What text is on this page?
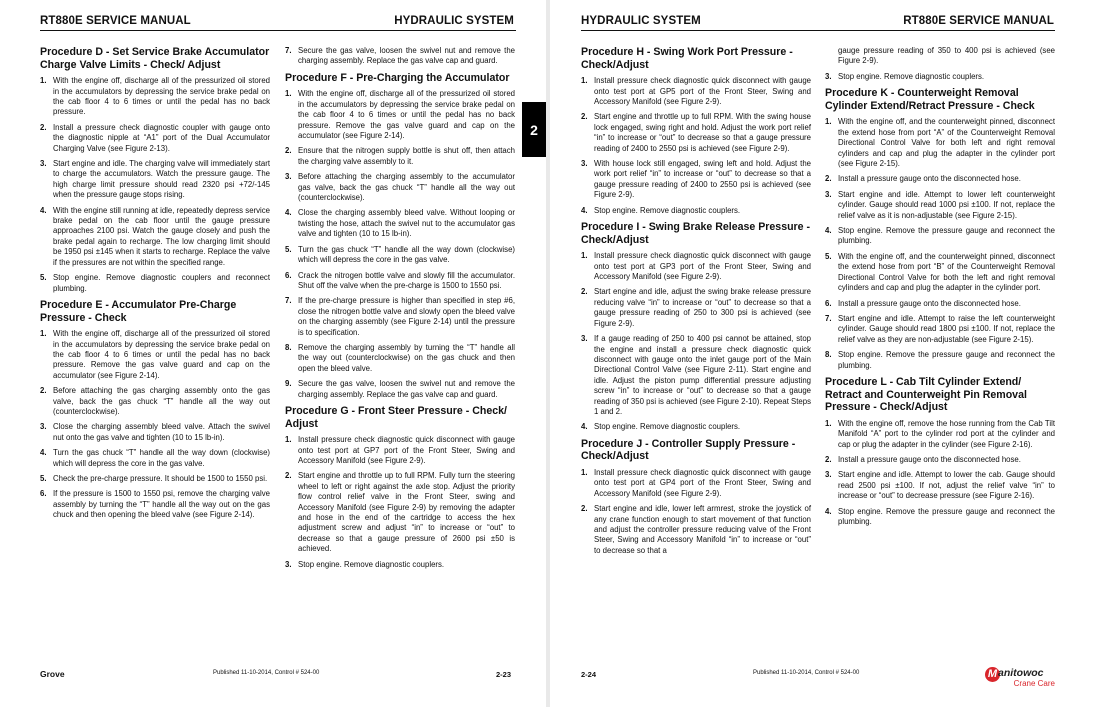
RT880E SERVICE MANUAL	HYDRAULIC SYSTEM
Procedure D - Set Service Brake Accumulator Charge Valve Limits - Check/ Adjust
1. With the engine off, discharge all of the pressurized oil stored in the accumulators by depressing the service brake pedal on the cab floor 4 to 6 times or until the pedal has no back pressure.
2. Install a pressure check diagnostic coupler with gauge onto the diagnostic nipple at “A1” port of the Dual Accumulator Charging Valve (see Figure 2-13).
3. Start engine and idle. The charging valve will immediately start to charge the accumulators. Watch the pressure gauge. The high charge limit pressure should read 2320 psi +72/-145 when the pressure gauge stops rising.
4. With the engine still running at idle, repeatedly depress service brake pedal on the cab floor until the gauge pressure approaches 2100 psi. Watch the gauge closely and push the brake pedal again to recharge. The low charging limit should be 1950 psi ±145 when it starts to recharge. Replace the valve if the pressures are not within the specified range.
5. Stop engine. Remove diagnostic couplers and reconnect plumbing.
Procedure E - Accumulator Pre-Charge Pressure - Check
1. With the engine off, discharge all of the pressurized oil stored in the accumulators by depressing the service brake pedal on the cab floor 4 to 6 times or until the pedal has no back pressure. Remove the gas valve guard and cap on the accumulator (see Figure 2-14).
2. Before attaching the gas charging assembly onto the gas valve, back the gas chuck “T” handle all the way out (counterclockwise).
3. Close the charging assembly bleed valve. Attach the swivel nut onto the gas valve and tighten (10 to 15 lb-in).
4. Turn the gas chuck “T” handle all the way down (clockwise) which will depress the core in the gas valve.
5. Check the pre-charge pressure. It should be 1500 to 1550 psi.
6. If the pressure is 1500 to 1550 psi, remove the charging valve assembly by turning the “T” handle all the way out on the gas chuck and then opening the bleed valve (see Figure 2-14).
7. Secure the gas valve, loosen the swivel nut and remove the charging assembly. Replace the gas valve cap and guard.
Procedure F - Pre-Charging the Accumulator
1. With the engine off, discharge all of the pressurized oil stored in the accumulators by depressing the service brake pedal on the cab floor 4 to 6 times or until the pedal has no back pressure. Remove the gas valve guard and cap on the accumulator (see Figure 2-14).
2. Ensure that the nitrogen supply bottle is shut off, then attach the charging valve assembly to it.
3. Before attaching the charging assembly to the accumulator gas valve, back the gas chuck “T” handle all the way out (counterclockwise).
4. Close the charging assembly bleed valve. Without looping or twisting the hose, attach the swivel nut to the accumulator gas valve and tighten (10 to 15 lb-in).
5. Turn the gas chuck “T” handle all the way down (clockwise) which will depress the core in the gas valve.
6. Crack the nitrogen bottle valve and slowly fill the accumulator. Shut off the valve when the pre-charge is 1500 to 1550 psi.
7. If the pre-charge pressure is higher than specified in step #6, close the nitrogen bottle valve and slowly open the bleed valve on the charging assembly (see Figure 2-14) until the pressure is to specification.
8. Remove the charging assembly by turning the “T” handle all the way out (counterclockwise) on the gas chuck and then open the bleed valve.
9. Secure the gas valve, loosen the swivel nut and remove the charging assembly. Replace the gas valve cap and guard.
Procedure G - Front Steer Pressure - Check/ Adjust
1. Install pressure check diagnostic quick disconnect with gauge onto test port at GP7 port of the Front Steer, Swing and Accessory Manifold (see Figure 2-9).
2. Start engine and throttle up to full RPM. Fully turn the steering wheel to left or right against the axle stop. Adjust the priority flow control relief valve in the Front Steer, swing and Accessory Manifold (see Figure 2-9) by removing the adapter and hose in the end of the cartridge to access the hex adjustment screw and adjust “in” to increase or “out” to decrease so that a gauge pressure of 2600 psi ±50 is achieved.
3. Stop engine. Remove diagnostic couplers.
2
Grove	Published 11-10-2014, Control # 524-00	2-23
HYDRAULIC SYSTEM	RT880E SERVICE MANUAL
Procedure H - Swing Work Port Pressure - Check/Adjust
1. Install pressure check diagnostic quick disconnect with gauge onto test port at GP5 port of the Front Steer, Swing and Accessory Manifold (see Figure 2-9).
2. Start engine and throttle up to full RPM. With the swing house lock engaged, swing right and hold. Adjust the work port relief “in” to increase or “out” to decrease so that a gauge pressure reading of 2400 to 2550 psi is achieved (see Figure 2-9).
3. With house lock still engaged, swing left and hold. Adjust the work port relief “in” to increase or “out” to decrease so that a gauge pressure reading of 2400 to 2550 psi is achieved (see Figure 2-9).
4. Stop engine. Remove diagnostic couplers.
Procedure I - Swing Brake Release Pressure - Check/Adjust
1. Install pressure check diagnostic quick disconnect with gauge onto test port at GP3 port of the Front Steer, Swing and Accessory Manifold (see Figure 2-9).
2. Start engine and idle, adjust the swing brake release pressure reducing valve “in” to increase or “out” to decrease so that a gauge pressure reading of 250 to 300 psi is achieved (see Figure 2-9).
3. If a gauge reading of 250 to 400 psi cannot be attained, stop the engine and install a pressure check diagnostic quick disconnect with gauge onto the inlet gauge port of the Main Directional Control Valve (see Figure 2-11). Start engine and idle. Adjust the piston pump differential pressure adjusting screw “in” to increase or “out” to decrease so that a gauge reading of 350 psi is achieved (see Figure 2-10). Repeat Steps 1 and 2.
4. Stop engine. Remove diagnostic couplers.
Procedure J - Controller Supply Pressure - Check/Adjust
1. Install pressure check diagnostic quick disconnect with gauge onto test port at GP4 port of the Front Steer, Swing and Accessory Manifold (see Figure 2-9).
2. Start engine and idle, lower left armrest, stroke the joystick of any crane function enough to start movement of that function and adjust the controller pressure reducing valve of the Front Steer, Swing and Accessory Manifold “in” to increase or “out” to decrease so that a
gauge pressure reading of 350 to 400 psi is achieved (see Figure 2-9).
3. Stop engine. Remove diagnostic couplers.
Procedure K - Counterweight Removal Cylinder Extend/Retract Pressure - Check
1. With the engine off, and the counterweight pinned, disconnect the extend hose from port “A” of the Counterweight Removal Directional Control Valve for both left and right removal cylinders and cap and plug the adapter in the cylinder port (see Figure 2-15).
2. Install a pressure gauge onto the disconnected hose.
3. Start engine and idle. Attempt to lower left counterweight cylinder. Gauge should read 1000 psi ±100. If not, replace the relief valve as it is non-adjustable (see Figure 2-15).
4. Stop engine. Remove the pressure gauge and reconnect the plumbing.
5. With the engine off, and the counterweight pinned, disconnect the extend hose from port “B” of the Counterweight Removal Directional Control Valve for both the left and right removal cylinders and cap and plug the adapter in the cylinder port.
6. Install a pressure gauge onto the disconnected hose.
7. Start engine and idle. Attempt to raise the left counterweight cylinder. Gauge should read 1800 psi ±100. If not, replace the relief valve as they are non-adjustable (see Figure 2-15).
8. Stop engine. Remove the pressure gauge and reconnect the plumbing.
Procedure L - Cab Tilt Cylinder Extend/ Retract and Counterweight Pin Removal Pressure - Check/Adjust
1. With the engine off, remove the hose running from the Cab Tilt Manifold “A” port to the cylinder rod port at the cylinder and cap or plug the adapter in the cylinder (see Figure 2-16).
2. Install a pressure gauge onto the disconnected hose.
3. Start engine and idle. Attempt to lower the cab. Gauge should read 2500 psi ±100. If not, adjust the relief valve “in” to increase or “out” to decrease pressure (see Figure 2-16).
4. Stop engine. Remove the pressure gauge and reconnect the plumbing.
2-24	Published 11-10-2014, Control # 524-00	M anitowoc
Crane Care
